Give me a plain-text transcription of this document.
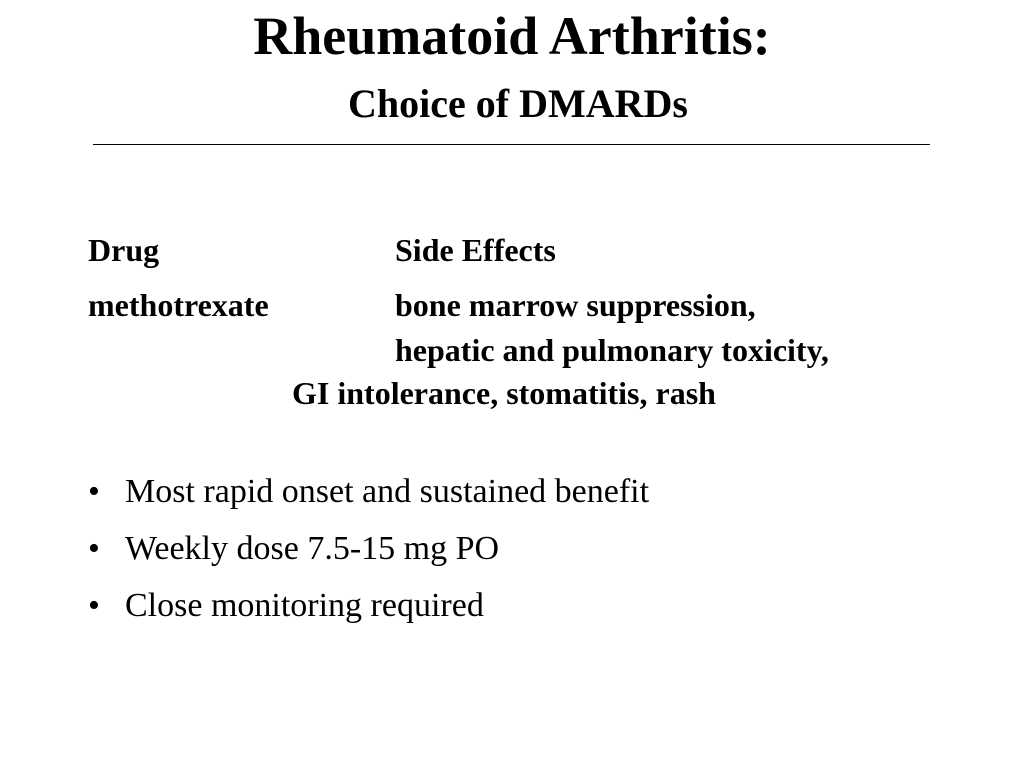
Rheumatoid Arthritis:
Choice of DMARDs
Drug	Side Effects
methotrexate	bone marrow suppression,
hepatic and pulmonary toxicity,
GI intolerance, stomatitis, rash
• Most rapid onset and sustained benefit
• Weekly dose 7.5-15 mg PO
• Close monitoring required
